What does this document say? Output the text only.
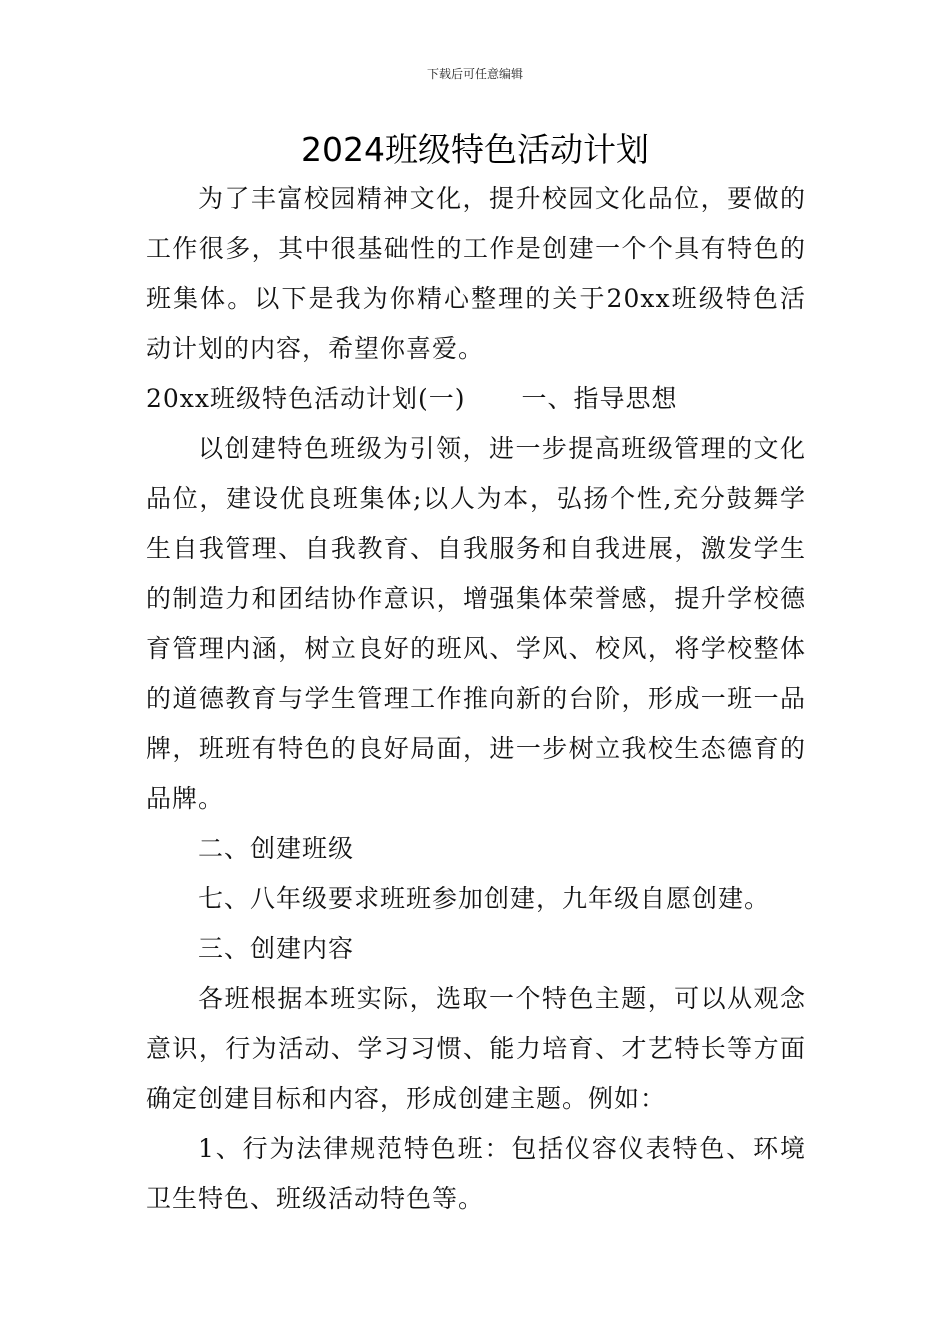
下载后可任意编辑
2024班级特色活动计划

为了丰富校园精神文化，提升校园文化品位，要做的工作很多，其中很基础性的工作是创建一个个具有特色的班集体。以下是我为你精心整理的关于20xx班级特色活动计划的内容，希望你喜爱。

20xx班级特色活动计划(一) 一、指导思想

以创建特色班级为引领，进一步提高班级管理的文化品位，建设优良班集体;以人为本，弘扬个性,充分鼓舞学生自我管理、自我教育、自我服务和自我进展，激发学生的制造力和团结协作意识，增强集体荣誉感，提升学校德育管理内涵，树立良好的班风、学风、校风，将学校整体的道德教育与学生管理工作推向新的台阶，形成一班一品牌，班班有特色的良好局面，进一步树立我校生态德育的品牌。

二、创建班级

七、八年级要求班班参加创建，九年级自愿创建。

三、创建内容

各班根据本班实际，选取一个特色主题，可以从观念意识，行为活动、学习习惯、能力培育、才艺特长等方面确定创建目标和内容，形成创建主题。例如：

1、行为法律规范特色班：包括仪容仪表特色、环境卫生特色、班级活动特色等。
